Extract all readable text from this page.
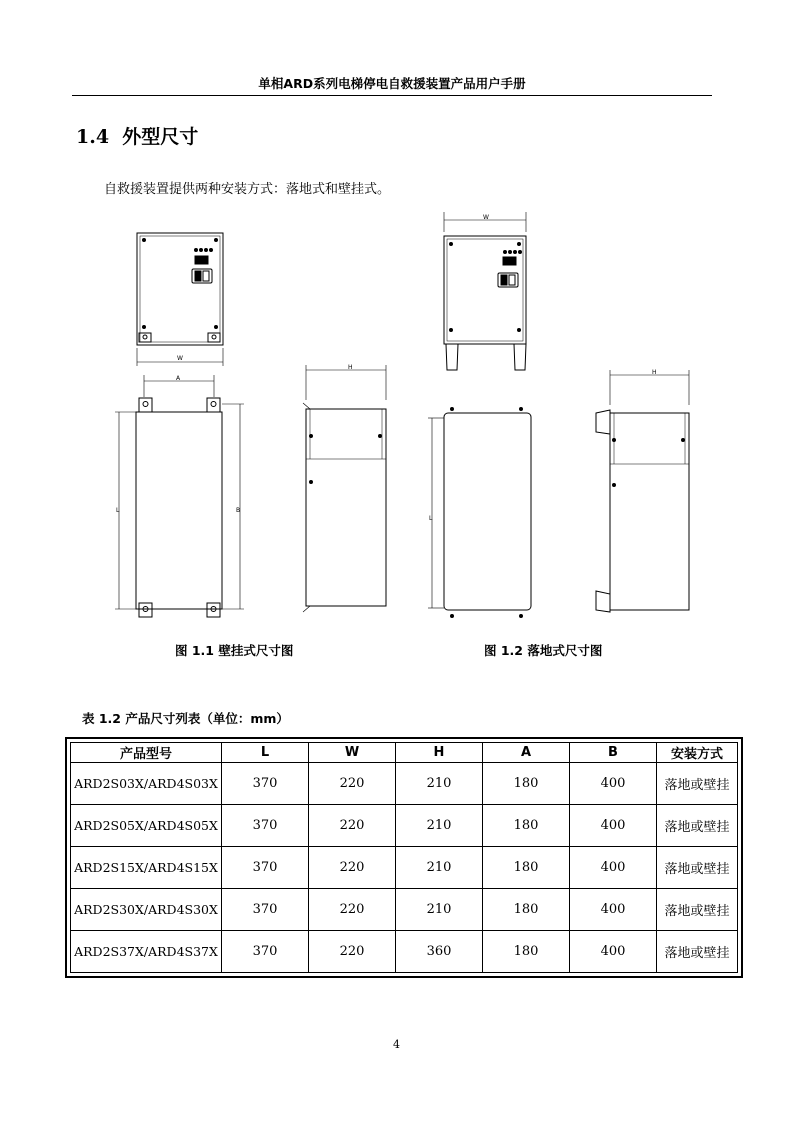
单相ARD系列电梯停电自救援装置产品用户手册
1.4 外型尺寸
自救援装置提供两种安装方式：落地式和壁挂式。
W
A
L	B
H
W
L
H
图 1.1 壁挂式尺寸图	图 1.2 落地式尺寸图
表 1.2 产品尺寸列表（单位：mm）
产品型号	L	W	H	A	B	安装方式
ARD2S03X/ARD4S03X	370	220	210	180	400	落地或壁挂
ARD2S05X/ARD4S05X	370	220	210	180	400	落地或壁挂
ARD2S15X/ARD4S15X	370	220	210	180	400	落地或壁挂
ARD2S30X/ARD4S30X	370	220	210	180	400	落地或壁挂
ARD2S37X/ARD4S37X	370	220	360	180	400	落地或壁挂
4
